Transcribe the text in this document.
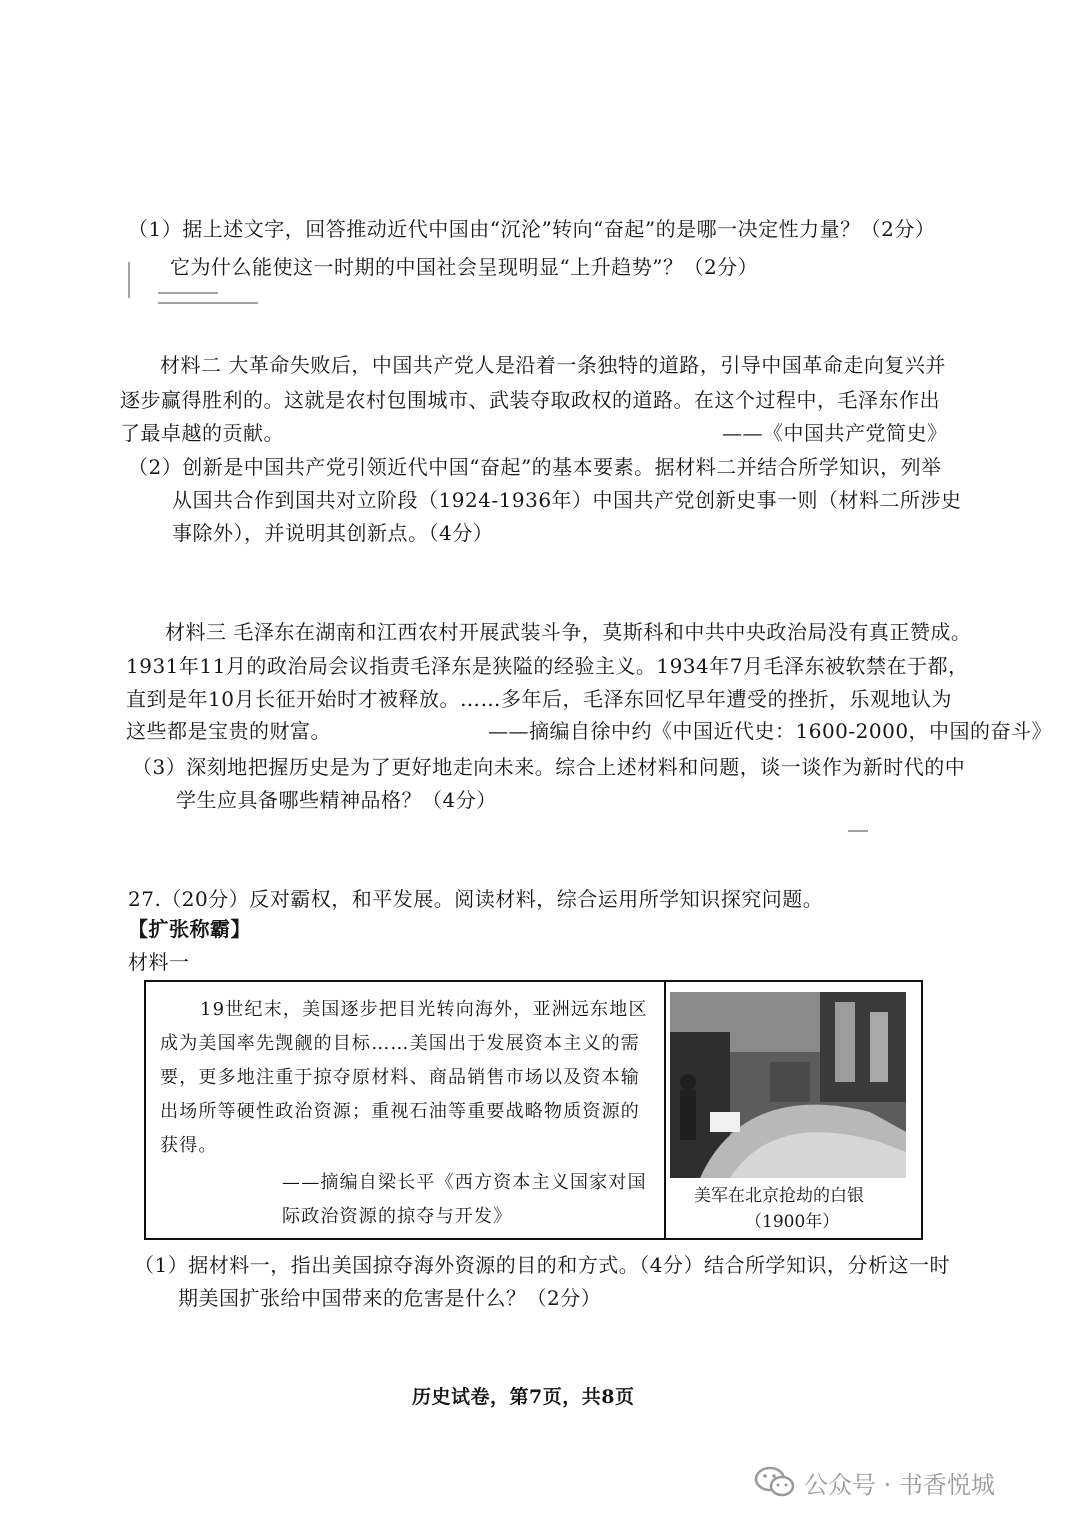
（1）据上述文字，回答推动近代中国由“沉沦”转向“奋起”的是哪一决定性力量？（2分）
它为什么能使这一时期的中国社会呈现明显“上升趋势”？（2分）
材料二 大革命失败后，中国共产党人是沿着一条独特的道路，引导中国革命走向复兴并
逐步赢得胜利的。这就是农村包围城市、武装夺取政权的道路。在这个过程中，毛泽东作出
了最卓越的贡献。	——《中国共产党简史》
（2）创新是中国共产党引领近代中国“奋起”的基本要素。据材料二并结合所学知识，列举
从国共合作到国共对立阶段（1924-1936年）中国共产党创新史事一则（材料二所涉史
事除外），并说明其创新点。（4分）
材料三 毛泽东在湖南和江西农村开展武装斗争，莫斯科和中共中央政治局没有真正赞成。
1931年11月的政治局会议指责毛泽东是狭隘的经验主义。1934年7月毛泽东被软禁在于都，
直到是年10月长征开始时才被释放。……多年后，毛泽东回忆早年遭受的挫折，乐观地认为
这些都是宝贵的财富。	——摘编自徐中约《中国近代史：1600-2000，中国的奋斗》
（3）深刻地把握历史是为了更好地走向未来。综合上述材料和问题，谈一谈作为新时代的中
学生应具备哪些精神品格？（4分）
27.（20分）反对霸权，和平发展。阅读材料，综合运用所学知识探究问题。
【扩张称霸】
材料一
19世纪末，美国逐步把目光转向海外，亚洲远东地区
成为美国率先觊觎的目标……美国出于发展资本主义的需
要，更多地注重于掠夺原材料、商品销售市场以及资本输
出场所等硬性政治资源；重视石油等重要战略物质资源的
获得。
——摘编自梁长平《西方资本主义国家对国
际政治资源的掠夺与开发》
美军在北京抢劫的白银
（1900年）
（1）据材料一，指出美国掠夺海外资源的目的和方式。（4分）结合所学知识，分析这一时
期美国扩张给中国带来的危害是什么？（2分）
历史试卷，第7页，共8页
公众号 · 书香悦城
